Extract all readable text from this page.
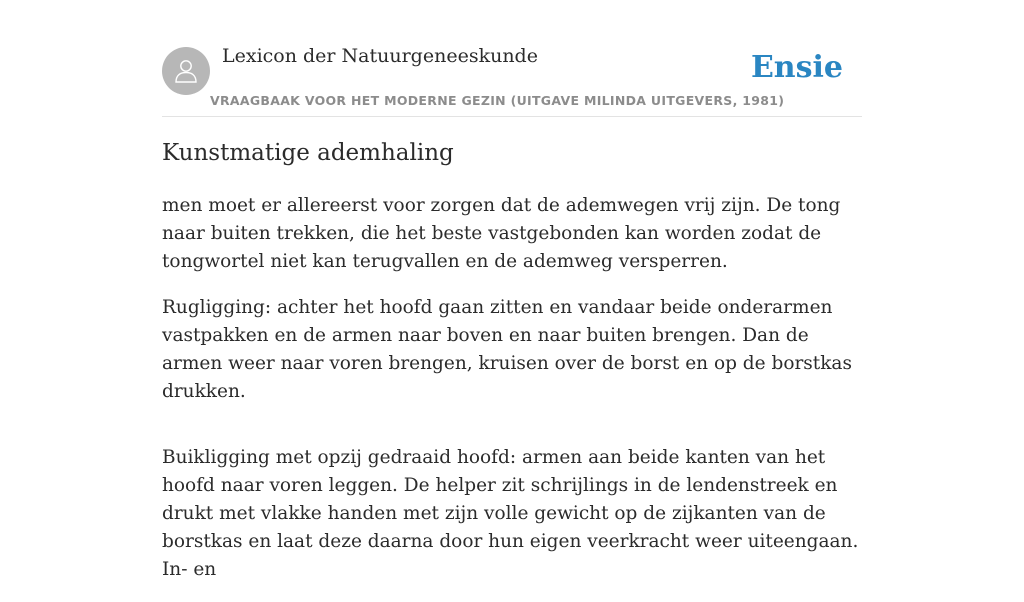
Lexicon der Natuurgeneeskunde
VRAAGBAAK VOOR HET MODERNE GEZIN (UITGAVE MILINDA UITGEVERS, 1981)
Ensie
Kunstmatige ademhaling

men moet er allereerst voor zorgen dat de ademwegen vrij zijn. De tong naar buiten trekken, die het beste vastgebonden kan worden zodat de tongwortel niet kan terugvallen en de ademweg versperren.

Rugligging: achter het hoofd gaan zitten en vandaar beide onderarmen vastpakken en de armen naar boven en naar buiten brengen. Dan de armen weer naar voren brengen, kruisen over de borst en op de borstkas drukken.

Buikligging met opzij gedraaid hoofd: armen aan beide kanten van het hoofd naar voren leggen. De helper zit schrijlings in de lendenstreek en drukt met vlakke handen met zijn volle gewicht op de zijkanten van de borstkas en laat deze daarna door hun eigen veerkracht weer uiteengaan. In- en
